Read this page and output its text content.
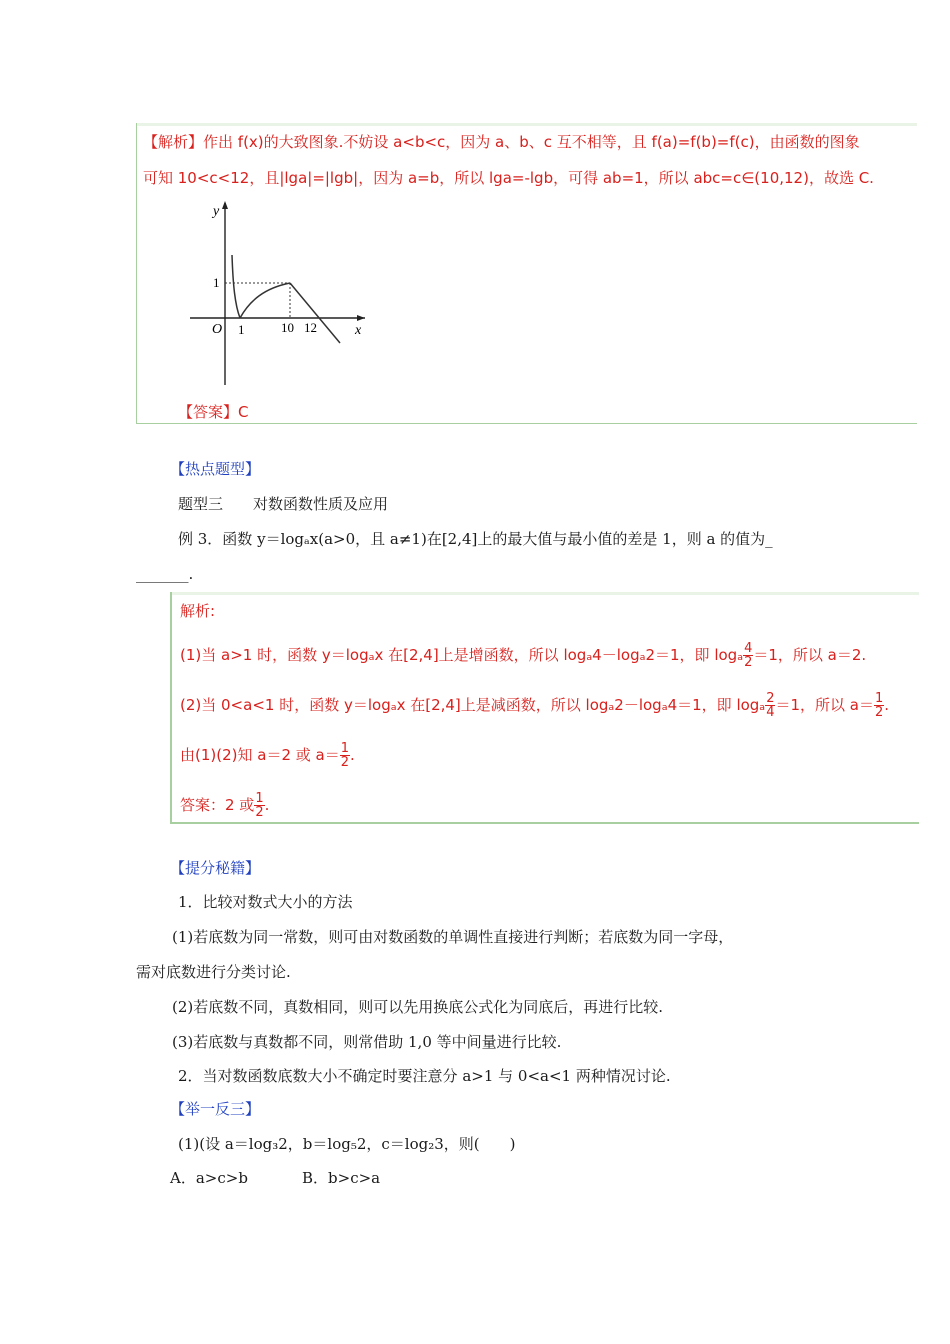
【解析】作出 f(x)的大致图象.不妨设 a<b<c，因为 a、b、c 互不相等，且 f(a)=f(b)=f(c)，由函数的图象
可知 10<c<12，且|lga|=|lgb|，因为 a=b，所以 lga=-lgb，可得 ab=1，所以 abc=c∈(10,12)，故选 C.
y
x
O 1	10 12
1
【答案】C
【热点题型】
题型三　　对数函数性质及应用
例 3．函数 y＝logₐx(a>0，且 a≠1)在[2,4]上的最大值与最小值的差是 1，则 a 的值为_
_______.
解析:
(1)当 a>1 时，函数 y＝logₐx 在[2,4]上是增函数，所以 logₐ4－logₐ2＝1，即 logₐ $\frac{4}{2} =1$，所以 a＝2.
(2)当 0<a<1 时，函数 y＝logₐx 在[2,4]上是减函数，所以 logₐ2－logₐ4＝1，即 logₐ $\frac{2}{4} =1$，所以 $a= \frac{1}{2}$ .
由(1)(2)知 a＝2 或 $a= \frac{1}{2}$ .
答案：2 或 $\frac{1}{2}$ .
【提分秘籍】
1．比较对数式大小的方法
(1)若底数为同一常数，则可由对数函数的单调性直接进行判断；若底数为同一字母，
需对底数进行分类讨论.
(2)若底数不同，真数相同，则可以先用换底公式化为同底后，再进行比较.
(3)若底数与真数都不同，则常借助 1,0 等中间量进行比较.
2．当对数函数底数大小不确定时要注意分 a>1 与 0<a<1 两种情况讨论.
【举一反三】
(1)(设 a＝log₃2，b＝log₅2，c＝log₂3，则(　　)
A．a>c>b	B．b>c>a
